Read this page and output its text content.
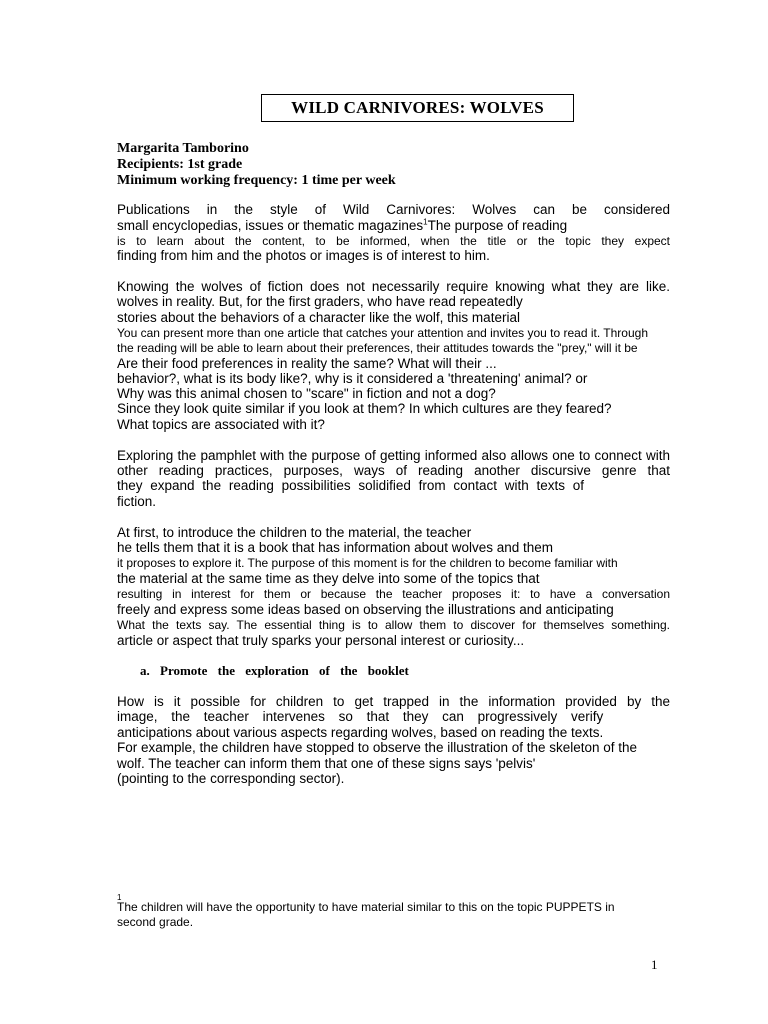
WILD CARNIVORES: WOLVES
Margarita Tamborino
Recipients: 1st grade
Minimum working frequency: 1 time per week
Publications in the style of Wild Carnivores: Wolves can be considered
small encyclopedias, issues or thematic magazines$^1$The purpose of reading
is to learn about the content, to be informed, when the title or the topic they expect
finding from him and the photos or images is of interest to him.
Knowing the wolves of fiction does not necessarily require knowing what they are like.
wolves in reality. But, for the first graders, who have read repeatedly
stories about the behaviors of a character like the wolf, this material
You can present more than one article that catches your attention and invites you to read it. Through
the reading will be able to learn about their preferences, their attitudes towards the "prey," will it be
Are their food preferences in reality the same? What will their ...
behavior?, what is its body like?, why is it considered a 'threatening' animal? or
Why was this animal chosen to "scare" in fiction and not a dog?
Since they look quite similar if you look at them? In which cultures are they feared?
What topics are associated with it?
Exploring the pamphlet with the purpose of getting informed also allows one to connect with
other reading practices, purposes, ways of reading another discursive genre that
they expand the reading possibilities solidified from contact with texts of
fiction.
At first, to introduce the children to the material, the teacher
he tells them that it is a book that has information about wolves and them
it proposes to explore it. The purpose of this moment is for the children to become familiar with
the material at the same time as they delve into some of the topics that
resulting in interest for them or because the teacher proposes it: to have a conversation
freely and express some ideas based on observing the illustrations and anticipating
What the texts say. The essential thing is to allow them to discover for themselves something.
article or aspect that truly sparks your personal interest or curiosity...
a. Promote the exploration of the booklet
How is it possible for children to get trapped in the information provided by the
image, the teacher intervenes so that they can progressively verify
anticipations about various aspects regarding wolves, based on reading the texts.
For example, the children have stopped to observe the illustration of the skeleton of the
wolf. The teacher can inform them that one of these signs says 'pelvis'
(pointing to the corresponding sector).
1
The children will have the opportunity to have material similar to this on the topic PUPPETS in
second grade.
1
